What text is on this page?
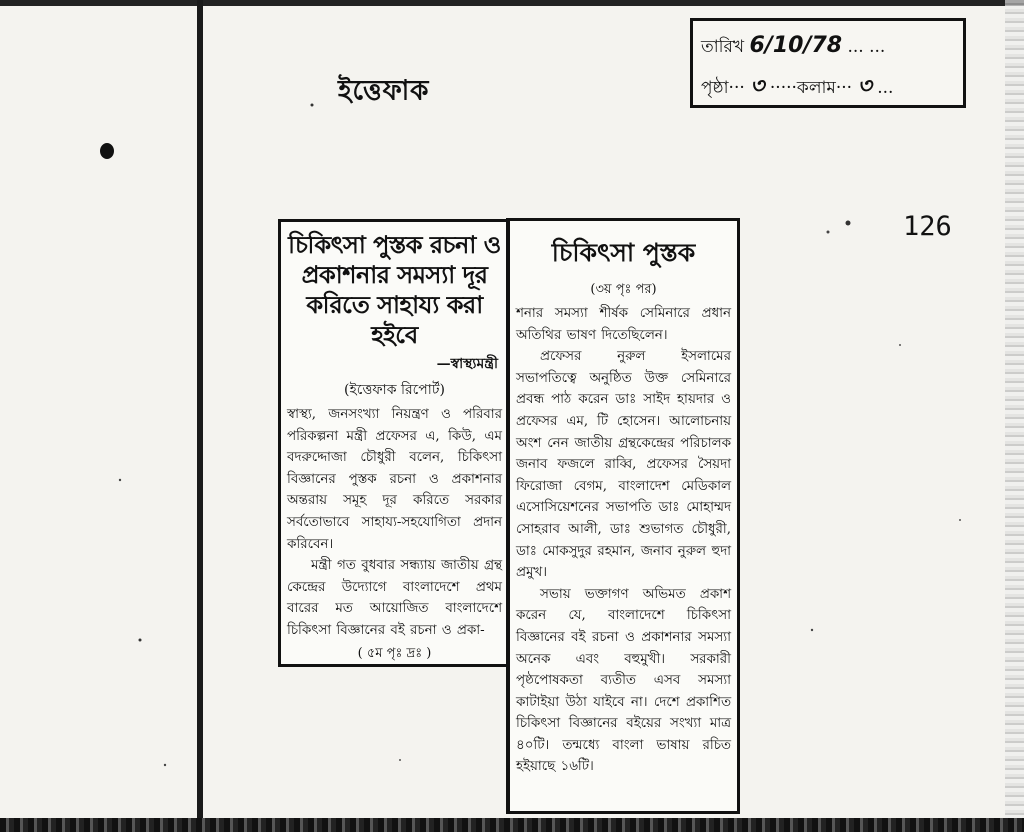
ইত্তেফাক
তারিখ 6/10/78 ... ...
পৃষ্ঠা··· ৩ ·····কলাম··· ৩ ...
126
চিকিৎসা পুস্তক রচনা ও প্রকাশনার সমস্যা দূর করিতে সাহায্য করা হইবে
—স্বাস্থ্যমন্ত্রী
(ইত্তেফাক রিপোর্ট)
স্বাস্থ্য, জনসংখ্যা নিয়ন্ত্রণ ও পরিবার পরিকল্পনা মন্ত্রী প্রফেসর এ, কিউ, এম বদরুদ্দোজা চৌধুরী বলেন, চিকিৎসা বিজ্ঞানের পুস্তক রচনা ও প্রকাশনার অন্তরায় সমূহ দূর করিতে সরকার সর্বতোভাবে সাহায্য-সহযোগিতা প্রদান করিবেন।
মন্ত্রী গত বুধবার সন্ধ্যায় জাতীয় গ্রন্থ কেন্দ্রের উদ্যোগে বাংলাদেশে প্রথম বারের মত আয়োজিত বাংলাদেশে চিকিৎসা বিজ্ঞানের বই রচনা ও প্রকা-
( ৫ম পৃঃ দ্রঃ )
চিকিৎসা পুস্তক
(৩য় পৃঃ পর)
শনার সমস্যা শীর্ষক সেমিনারে প্রধান অতিথির ভাষণ দিতেছিলেন।
প্রফেসর নুরুল ইসলামের সভাপতিত্বে অনুষ্ঠিত উক্ত সেমিনারে প্রবন্ধ পাঠ করেন ডাঃ সাইদ হায়দার ও প্রফেসর এম, টি হোসেন। আলোচনায় অংশ নেন জাতীয় গ্রন্থকেন্দ্রের পরিচালক জনাব ফজলে রাব্বি, প্রফেসর সৈয়দা ফিরোজা বেগম, বাংলাদেশ মেডিকাল এসোসিয়েশনের সভাপতি ডাঃ মোহাম্মদ সোহরাব আলী, ডাঃ শুভাগত চৌধুরী, ডাঃ মোকসুদুর রহমান, জনাব নুরুল হুদা প্রমুখ।
সভায় ভক্তাগণ অভিমত প্রকাশ করেন যে, বাংলাদেশে চিকিৎসা বিজ্ঞানের বই রচনা ও প্রকাশনার সমস্যা অনেক এবং বহুমুখী। সরকারী পৃষ্ঠপোষকতা ব্যতীত এসব সমস্যা কাটাইয়া উঠা যাইবে না। দেশে প্রকাশিত চিকিৎসা বিজ্ঞানের বইয়ের সংখ্যা মাত্র ৪০টি। তন্মধ্যে বাংলা ভাষায় রচিত হইয়াছে ১৬টি।
